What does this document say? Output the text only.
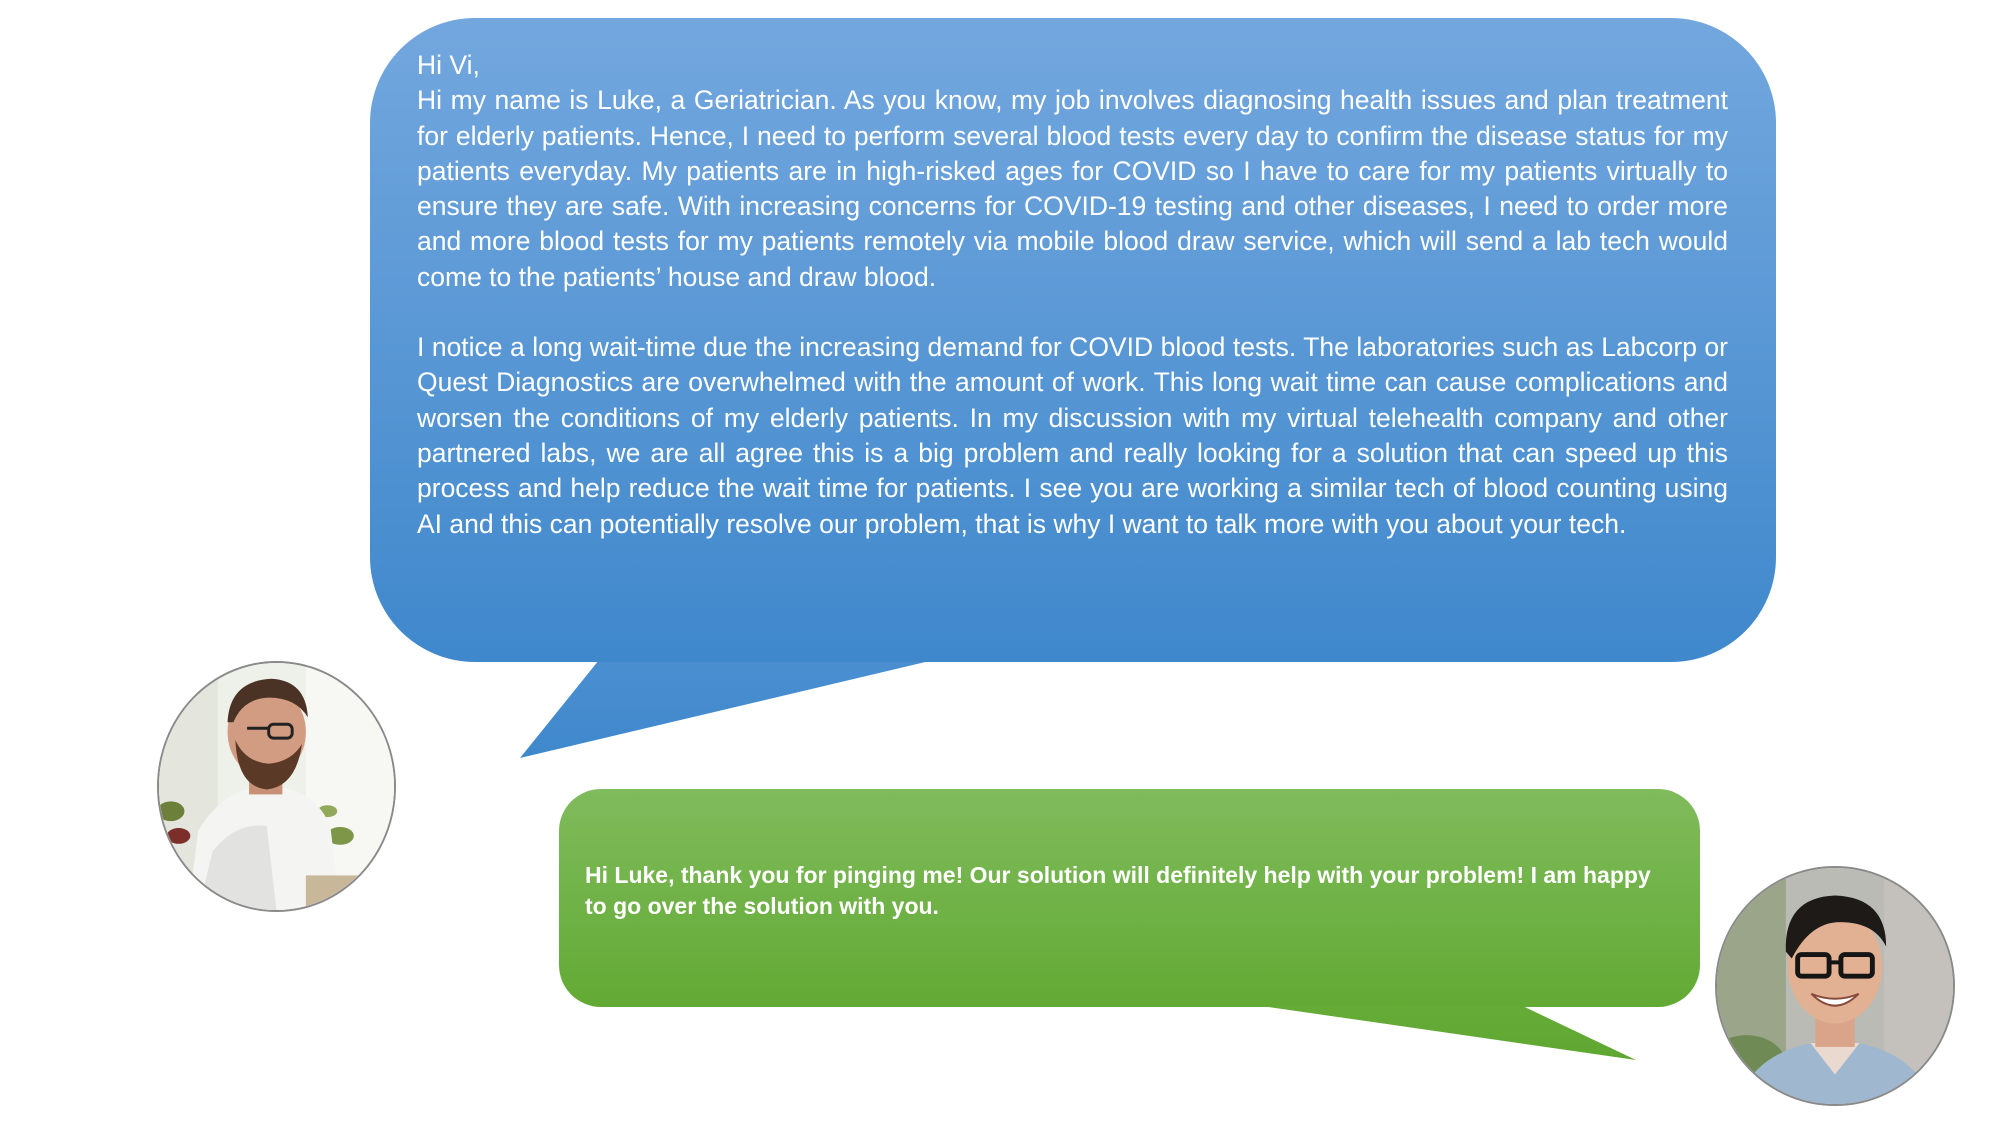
Hi Vi,

Hi my name is Luke, a Geriatrician. As you know, my job involves diagnosing health issues and plan treatment for elderly patients. Hence, I need to perform several blood tests every day to confirm the disease status for my patients everyday. My patients are in high-risked ages for COVID so I have to care for my patients virtually to ensure they are safe. With increasing concerns for COVID-19 testing and other diseases, I need to order more and more blood tests for my patients remotely via mobile blood draw service, which will send a lab tech would come to the patients’ house and draw blood.

I notice a long wait-time due the increasing demand for COVID blood tests. The laboratories such as Labcorp or Quest Diagnostics are overwhelmed with the amount of work. This long wait time can cause complications and worsen the conditions of my elderly patients. In my discussion with my virtual telehealth company and other partnered labs, we are all agree this is a big problem and really looking for a solution that can speed up this process and help reduce the wait time for patients. I see you are working a similar tech of blood counting using AI and this can potentially resolve our problem, that is why I want to talk more with you about your tech.

Hi Luke, thank you for pinging me! Our solution will definitely help with your problem! I am happy to go over the solution with you.
